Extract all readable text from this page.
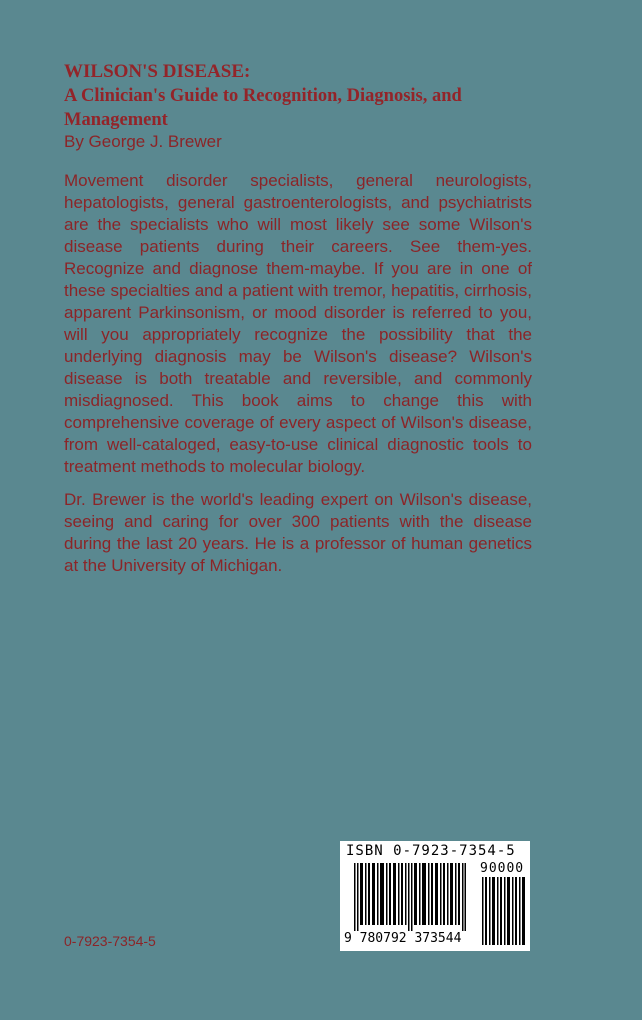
WILSON'S DISEASE:
A Clinician's Guide to Recognition, Diagnosis, and Management
By George J. Brewer
Movement disorder specialists, general neurologists, hepatologists, general gastroenterologists, and psychiatrists are the specialists who will most likely see some Wilson's disease patients during their careers. See them-yes. Recognize and diagnose them-maybe. If you are in one of these specialties and a patient with tremor, hepatitis, cirrhosis, apparent Parkinsonism, or mood disorder is referred to you, will you appropriately recognize the possibility that the underlying diagnosis may be Wilson's disease? Wilson's disease is both treatable and reversible, and commonly misdiagnosed. This book aims to change this with comprehensive coverage of every aspect of Wilson's disease, from well-cataloged, easy-to-use clinical diagnostic tools to treatment methods to molecular biology.
Dr. Brewer is the world's leading expert on Wilson's disease, seeing and caring for over 300 patients with the disease during the last 20 years. He is a professor of human genetics at the University of Michigan.
ISBN 0-7923-7354-5
90000
9 780792 373544
0-7923-7354-5
